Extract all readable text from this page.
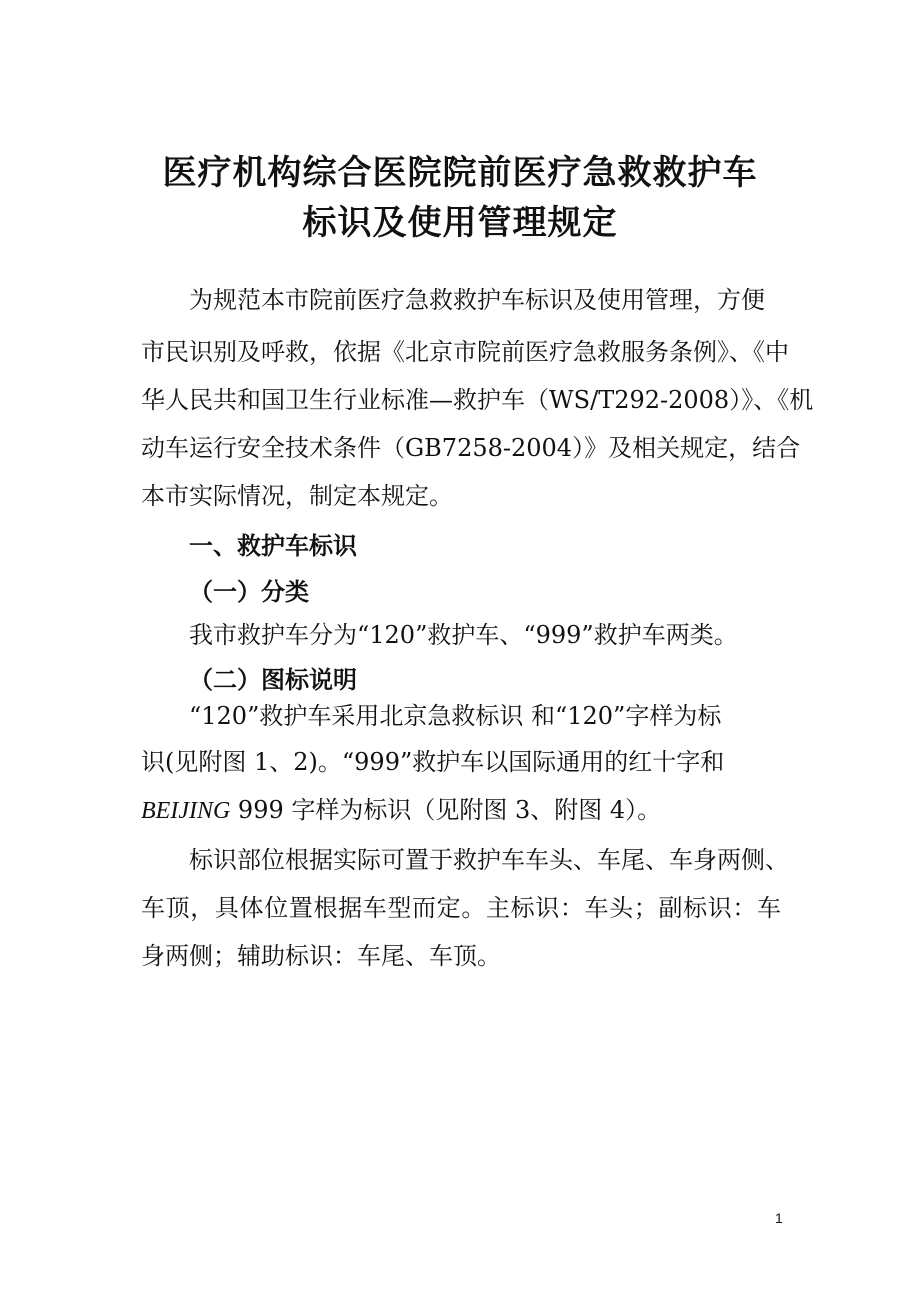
医疗机构综合医院院前医疗急救救护车
标识及使用管理规定
为规范本市院前医疗急救救护车标识及使用管理，方便
市民识别及呼救，依据《北京市院前医疗急救服务条例》、《中
华人民共和国卫生行业标准—救护车（WS/T292-2008）》、《机
动车运行安全技术条件（GB7258-2004）》及相关规定，结合
本市实际情况，制定本规定。
一、救护车标识
（一）分类
我市救护车分为“120”救护车、“999”救护车两类。
（二）图标说明
“120”救护车采用北京急救标识 和“120”字样为标
识(见附图 1、2)。“999”救护车以国际通用的红十字和
BEIJING 999 字样为标识（见附图 3、附图 4）。
标识部位根据实际可置于救护车车头、车尾、车身两侧、
车顶，具体位置根据车型而定。主标识：车头；副标识：车
身两侧；辅助标识：车尾、车顶。
1
